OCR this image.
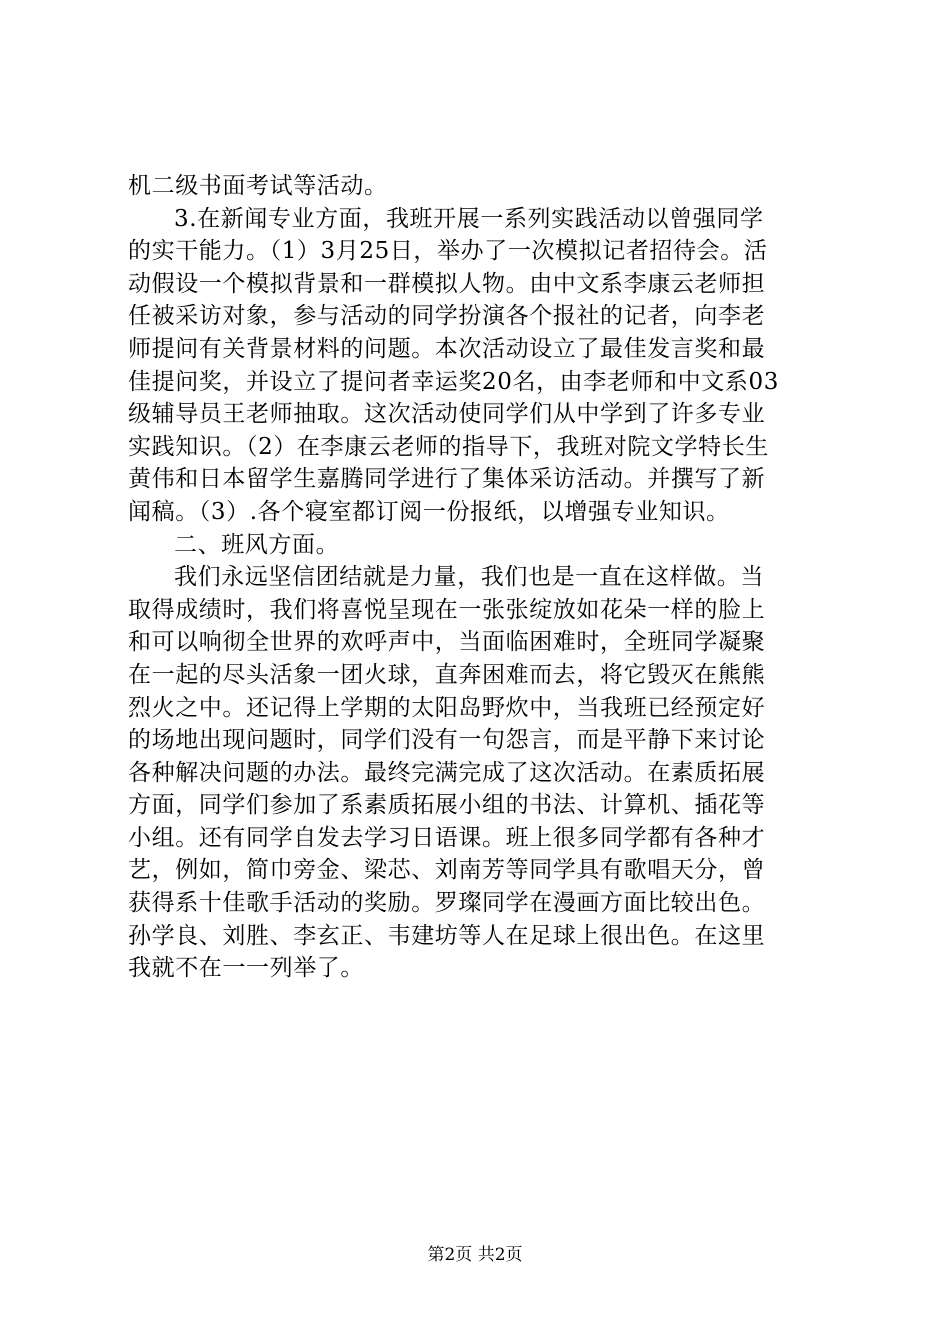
机二级书面考试等活动。
3.在新闻专业方面，我班开展一系列实践活动以曾强同学
的实干能力。（1）3月25日，举办了一次模拟记者招待会。活
动假设一个模拟背景和一群模拟人物。由中文系李康云老师担
任被采访对象，参与活动的同学扮演各个报社的记者，向李老
师提问有关背景材料的问题。本次活动设立了最佳发言奖和最
佳提问奖，并设立了提问者幸运奖20名，由李老师和中文系03
级辅导员王老师抽取。这次活动使同学们从中学到了许多专业
实践知识。（2）在李康云老师的指导下，我班对院文学特长生
黄伟和日本留学生嘉腾同学进行了集体采访活动。并撰写了新
闻稿。（3）.各个寝室都订阅一份报纸，以增强专业知识。
二、班风方面。
我们永远坚信团结就是力量，我们也是一直在这样做。当
取得成绩时，我们将喜悦呈现在一张张绽放如花朵一样的脸上
和可以响彻全世界的欢呼声中，当面临困难时，全班同学凝聚
在一起的尽头活象一团火球，直奔困难而去，将它毁灭在熊熊
烈火之中。还记得上学期的太阳岛野炊中，当我班已经预定好
的场地出现问题时，同学们没有一句怨言，而是平静下来讨论
各种解决问题的办法。最终完满完成了这次活动。在素质拓展
方面，同学们参加了系素质拓展小组的书法、计算机、插花等
小组。还有同学自发去学习日语课。班上很多同学都有各种才
艺，例如，简巾旁金、梁芯、刘南芳等同学具有歌唱天分，曾
获得系十佳歌手活动的奖励。罗璨同学在漫画方面比较出色。
孙学良、刘胜、李玄正、韦建坊等人在足球上很出色。在这里
我就不在一一列举了。
第2页 共2页
